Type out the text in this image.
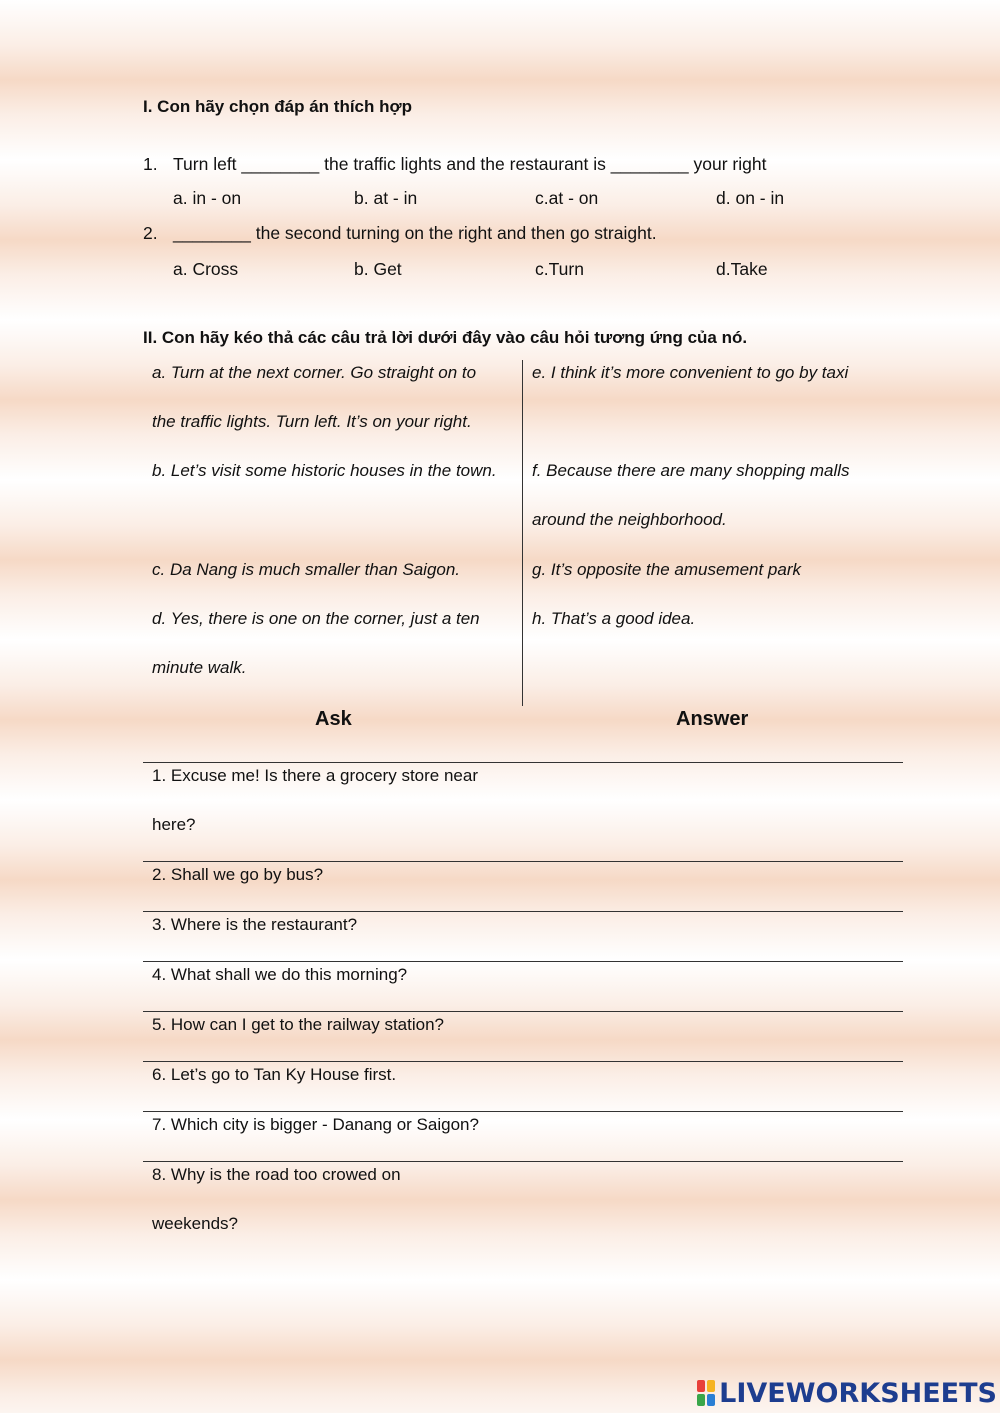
I. Con hãy chọn đáp án thích hợp
1. Turn left ________ the traffic lights and the restaurant is ________ your right
a. in - on	b. at - in	c.at - on	d. on - in
2. ________ the second turning on the right and then go straight.
a. Cross	b. Get	c.Turn	d.Take
II. Con hãy kéo thả các câu trả lời dưới đây vào câu hỏi tương ứng của nó.
a. Turn at the next corner. Go straight on to
the traffic lights. Turn left. It’s on your right.
b. Let’s visit some historic houses in the town.
c. Da Nang is much smaller than Saigon.
d. Yes, there is one on the corner, just a ten
minute walk.
e. I think it’s more convenient to go by taxi
f. Because there are many shopping malls
around the neighborhood.
g. It’s opposite the amusement park
h. That’s a good idea.
Ask	Answer
1. Excuse me! Is there a grocery store near
here?
2. Shall we go by bus?
3. Where is the restaurant?
4. What shall we do this morning?
5. How can I get to the railway station?
6. Let’s go to Tan Ky House first.
7. Which city is bigger - Danang or Saigon?
8. Why is the road too crowed on
weekends?
LIVEWORKSHEETS
